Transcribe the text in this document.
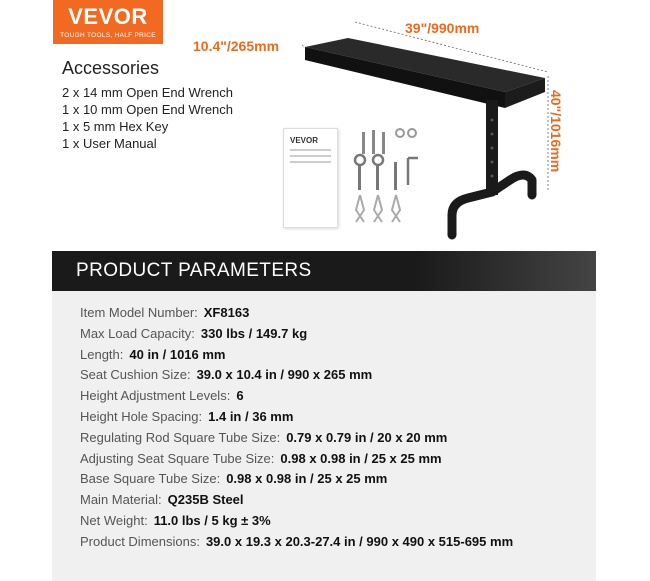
VEVOR
TOUGH TOOLS, HALF PRICE
Accessories
2 x 14 mm Open End Wrench
1 x 10 mm Open End Wrench
1 x 5 mm Hex Key
1 x User Manual	VEVOR
10.4"/265mm
39"/990mm
40"/1016mm
PRODUCT PARAMETERS
Item Model Number: XF8163
Max Load Capacity: 330 lbs / 149.7 kg
Length: 40 in / 1016 mm
Seat Cushion Size: 39.0 x 10.4 in / 990 x 265 mm
Height Adjustment Levels: 6
Height Hole Spacing: 1.4 in / 36 mm
Regulating Rod Square Tube Size: 0.79 x 0.79 in / 20 x 20 mm
Adjusting Seat Square Tube Size: 0.98 x 0.98 in / 25 x 25 mm
Base Square Tube Size: 0.98 x 0.98 in / 25 x 25 mm
Main Material: Q235B Steel
Net Weight: 11.0 lbs / 5 kg ± 3%
Product Dimensions: 39.0 x 19.3 x 20.3-27.4 in / 990 x 490 x 515-695 mm
